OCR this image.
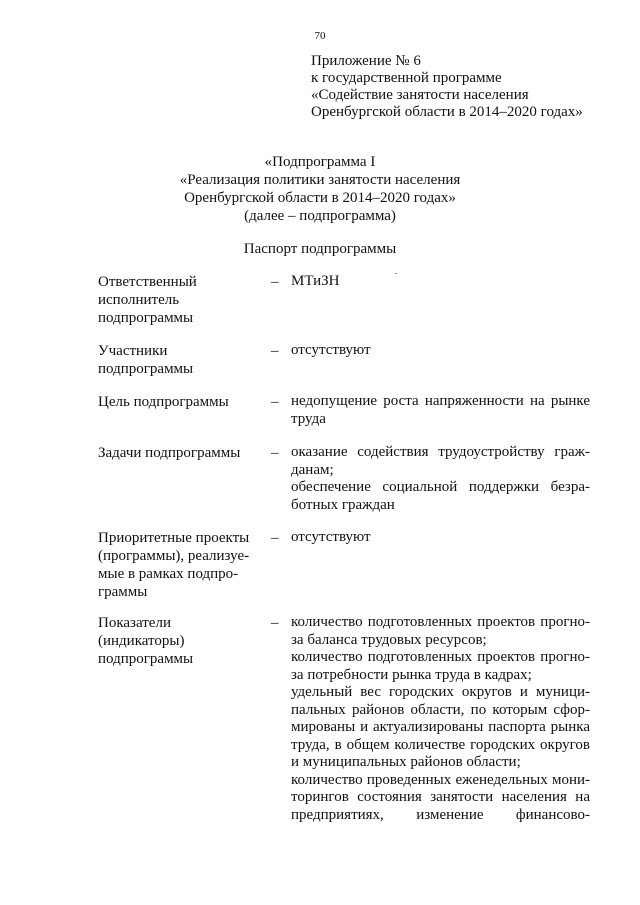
70
Приложение № 6
к государственной программе
«Содействие занятости населения
Оренбургской области в 2014–2020 годах»
«Подпрограмма I
«Реализация политики занятости населения
Оренбургской области в 2014–2020 годах»
(далее – подпрограмма)
Паспорт подпрограммы
Ответственный
исполнитель
подпрограммы
– МТиЗН
Участники
подпрограммы
– отсутствуют
Цель подпрограммы	– недопущение роста напряженности на рынке
труда
Задачи подпрограммы	– оказание содействия трудоустройству граж-
данам;
обеспечение социальной поддержки безра-
ботных граждан
Приоритетные проекты
(программы), реализуе-
мые в рамках подпро-
граммы
– отсутствуют
Показатели
(индикаторы)
подпрограммы
– количество подготовленных проектов прогно-
за баланса трудовых ресурсов;
количество подготовленных проектов прогно-
за потребности рынка труда в кадрах;
удельный вес городских округов и муници-
пальных районов области, по которым сфор-
мированы и актуализированы паспорта рынка
труда, в общем количестве городских округов
и муниципальных районов области;
количество проведенных еженедельных мони-
торингов состояния занятости населения на
предприятиях, изменение финансово-
